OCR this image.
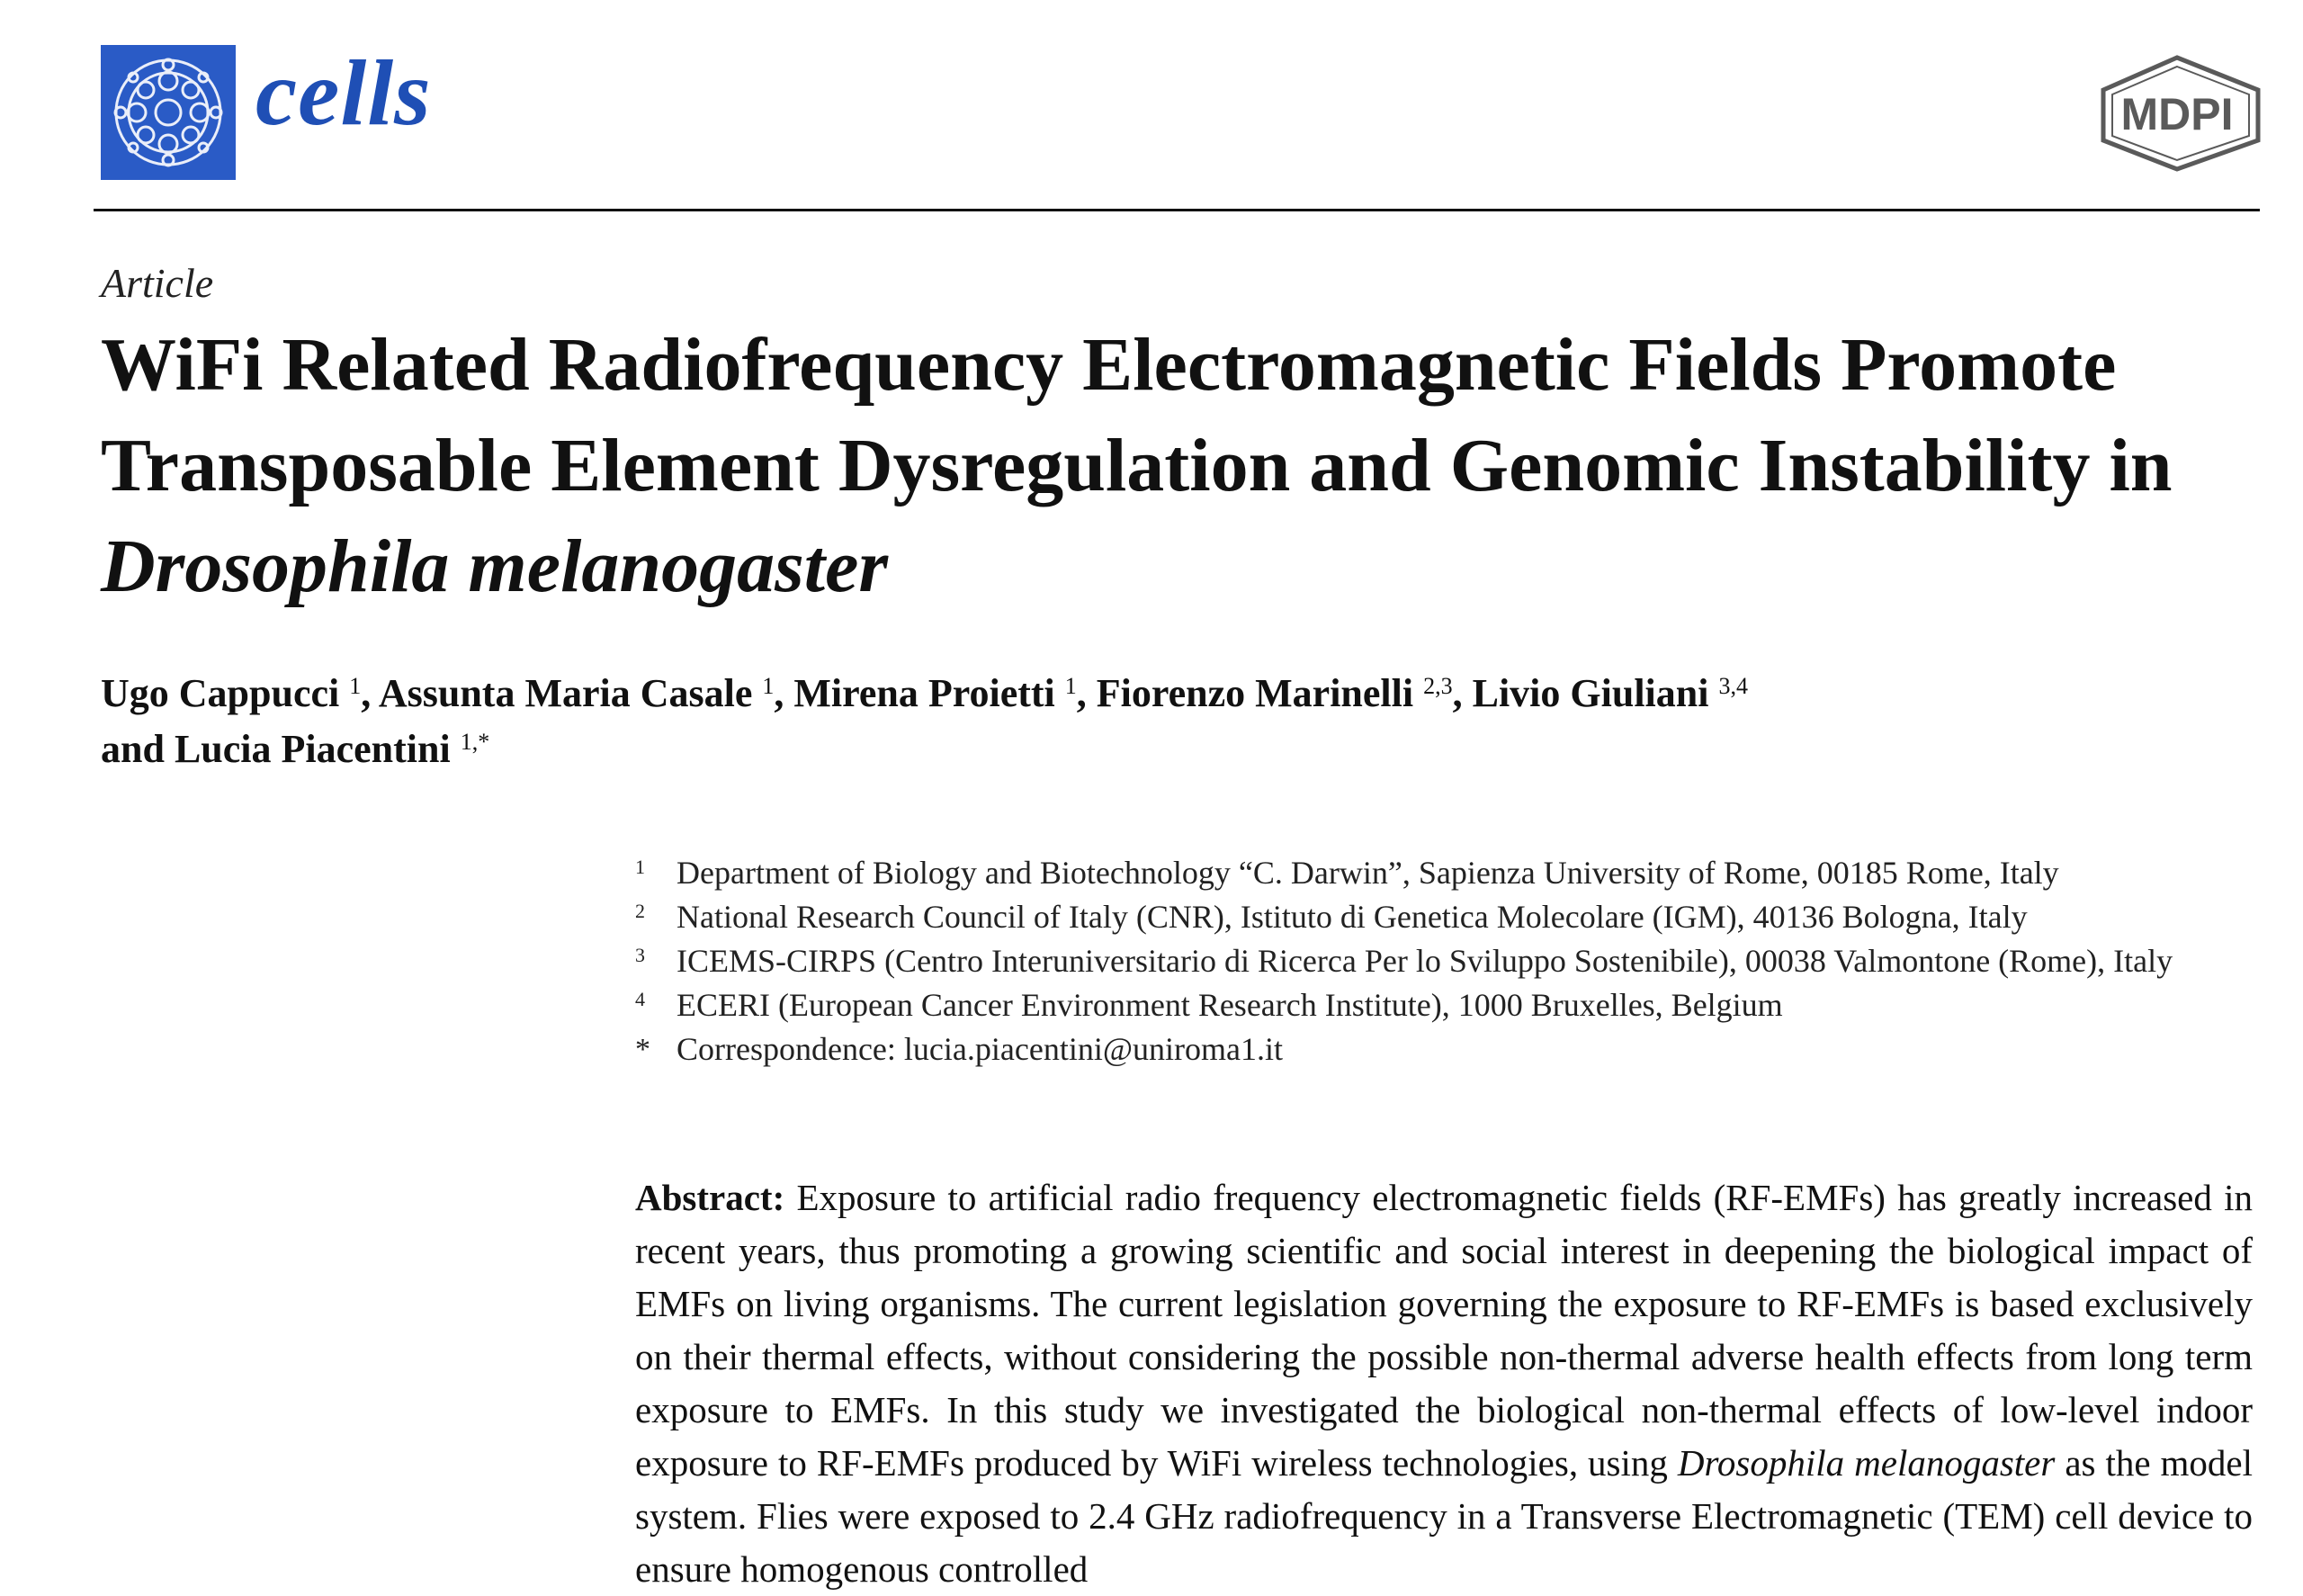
cells	MDPI
Article
WiFi Related Radiofrequency Electromagnetic Fields Promote Transposable Element Dysregulation and Genomic Instability in Drosophila melanogaster
Ugo Cappucci $^1$, Assunta Maria Casale $^1$, Mirena Proietti $^1$, Fiorenzo Marinelli $^{2,3}$, Livio Giuliani $^{3,4}$
and Lucia Piacentini $^{1,*}$
1 Department of Biology and Biotechnology “C. Darwin”, Sapienza University of Rome, 00185 Rome, Italy
2 National Research Council of Italy (CNR), Istituto di Genetica Molecolare (IGM), 40136 Bologna, Italy
3 ICEMS-CIRPS (Centro Interuniversitario di Ricerca Per lo Sviluppo Sostenibile), 00038 Valmontone (Rome), Italy
4 ECERI (European Cancer Environment Research Institute), 1000 Bruxelles, Belgium
* Correspondence: lucia.piacentini@uniroma1.it
Abstract: Exposure to artificial radio frequency electromagnetic fields (RF-EMFs) has greatly increased in recent years, thus promoting a growing scientific and social interest in deepening the biological impact of EMFs on living organisms. The current legislation governing the exposure to RF-EMFs is based exclusively on their thermal effects, without considering the possible non-thermal adverse health effects from long term exposure to EMFs. In this study we investigated the biological non-thermal effects of low-level indoor exposure to RF-EMFs produced by WiFi wireless technologies, using Drosophila melanogaster as the model system. Flies were exposed to 2.4 GHz radiofrequency in a Transverse Electromagnetic (TEM) cell device to ensure homogenous controlled
